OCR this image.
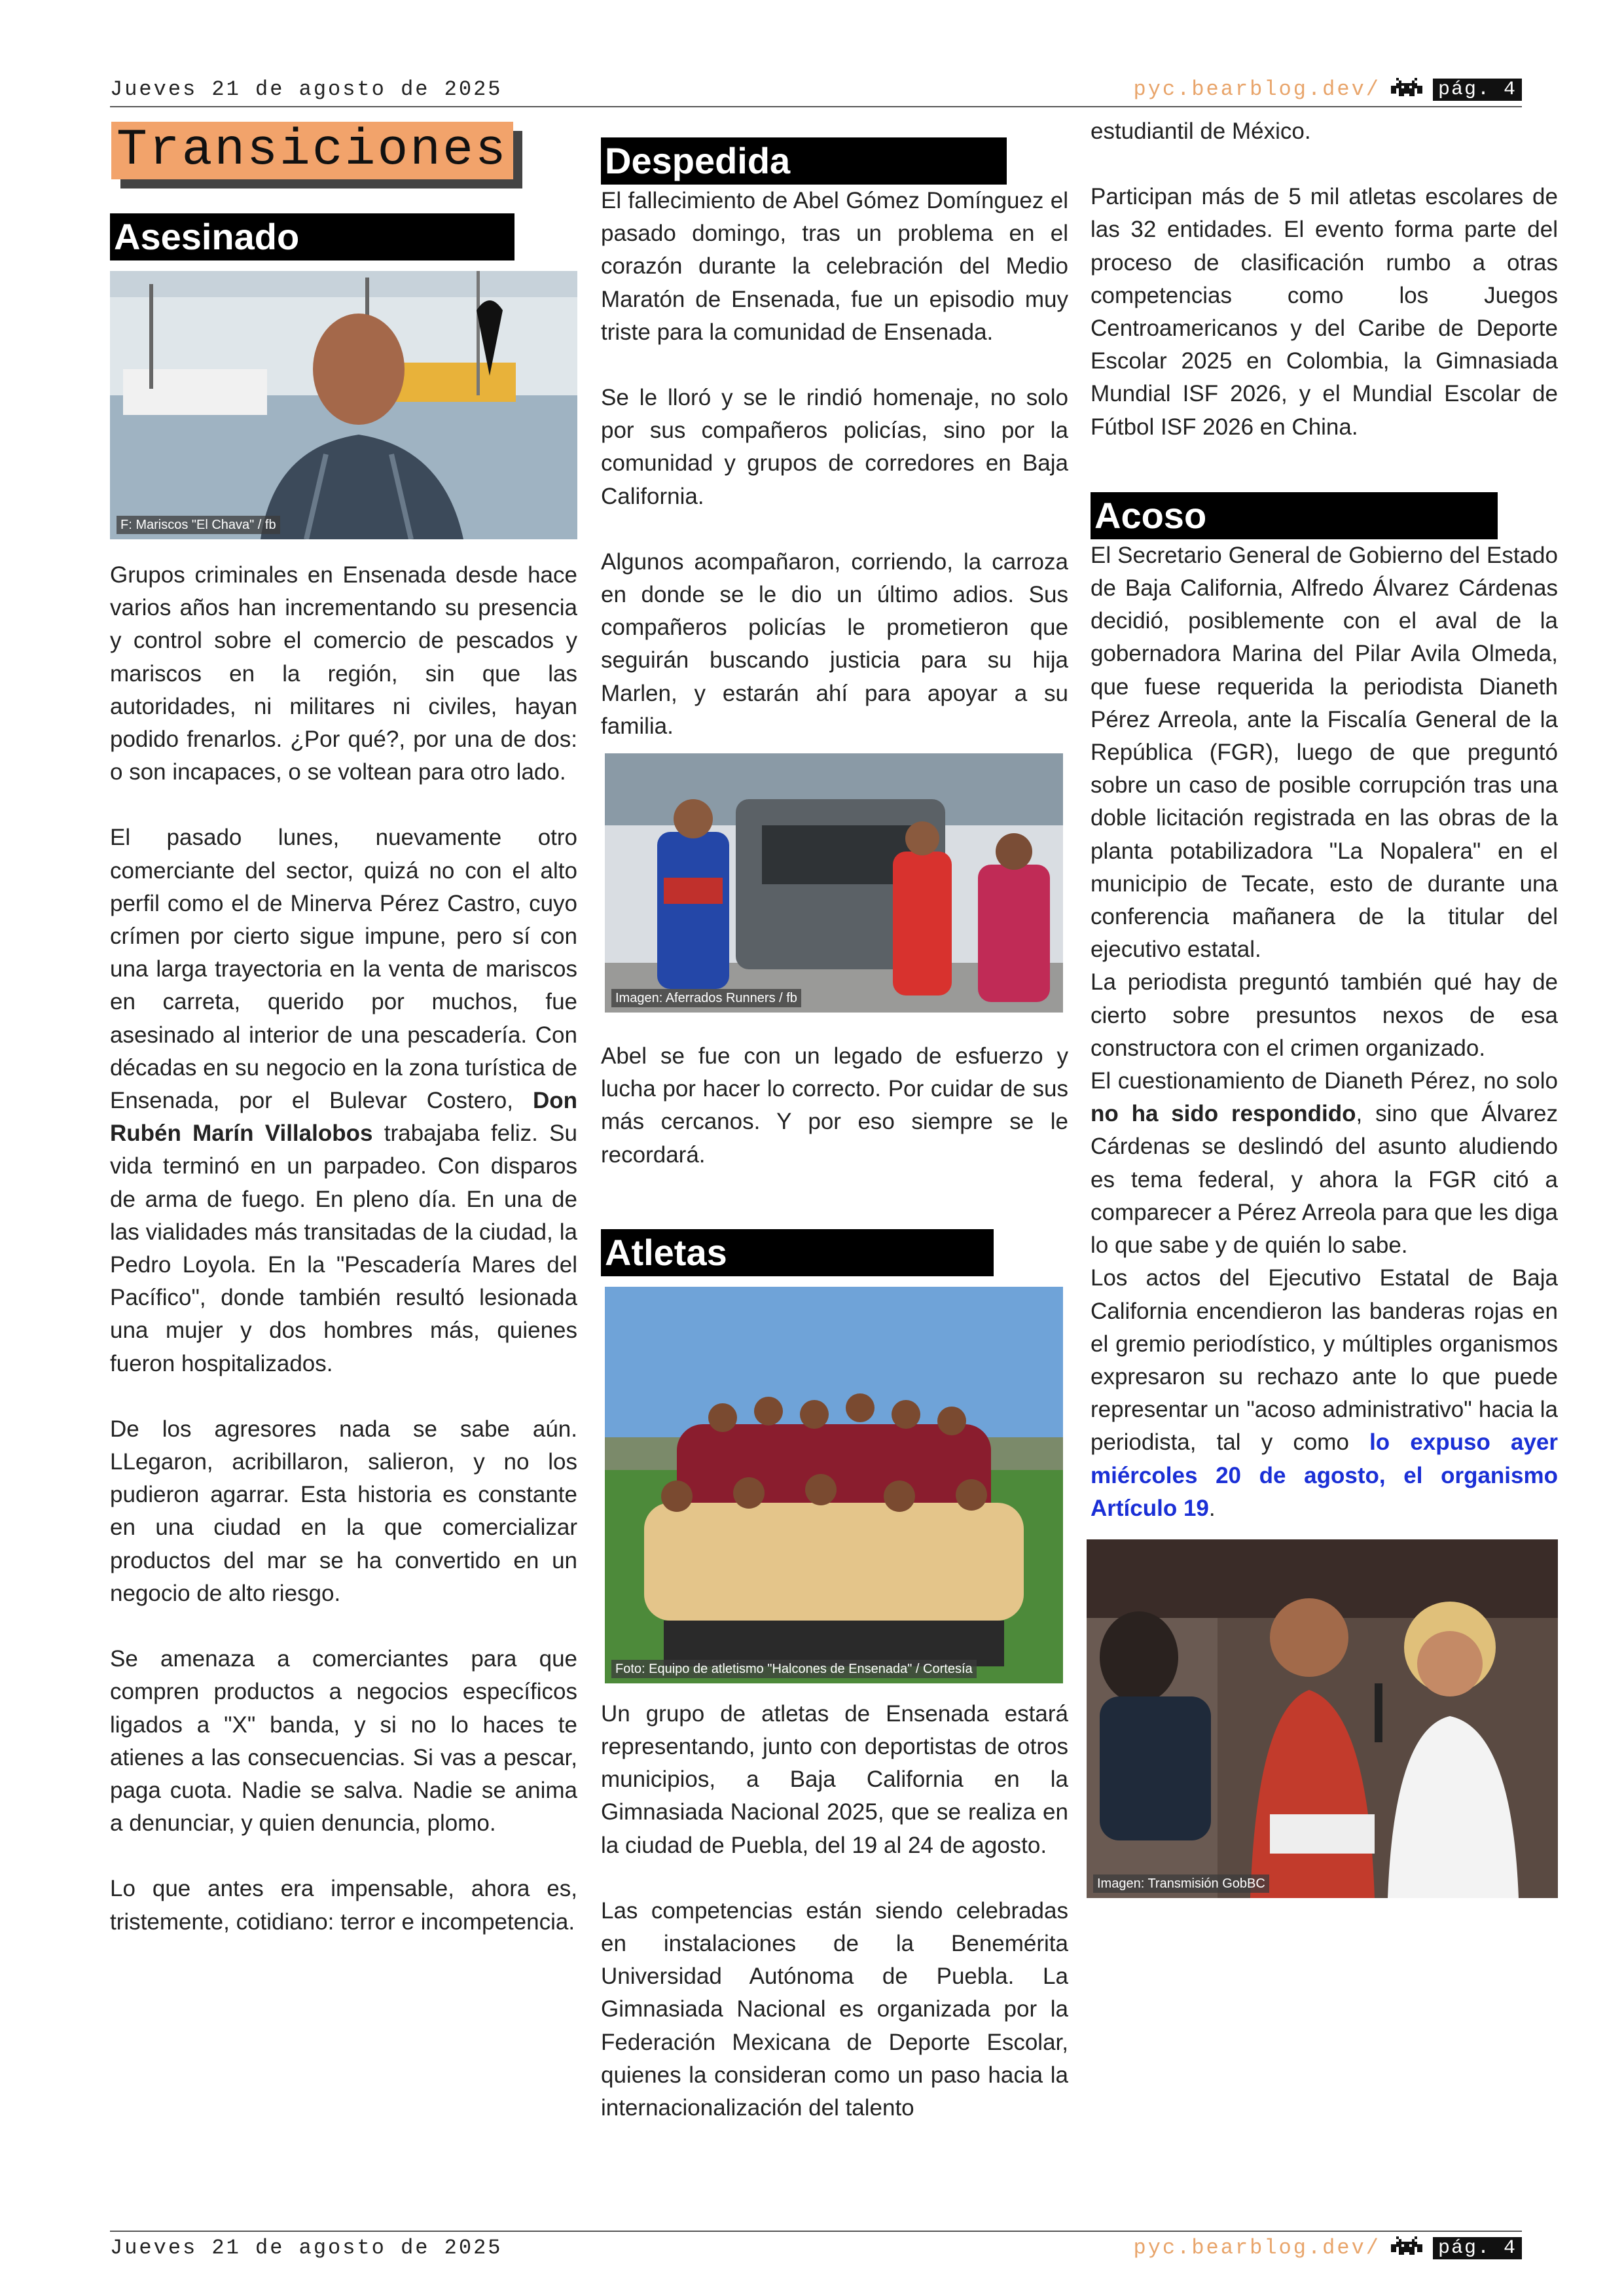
Jueves 21 de agosto de 2025	pyc.bearblog.dev/	pág. 4
Transiciones
Asesinado
F: Mariscos "El Chava" / fb

Grupos criminales en Ensenada desde hace varios años han incrementando su presencia y control sobre el comercio de pescados y mariscos en la región, sin que las autoridades, ni militares ni civiles, hayan podido frenarlos. ¿Por qué?, por una de dos: o son incapaces, o se voltean para otro lado.

El pasado lunes, nuevamente otro comerciante del sector, quizá no con el alto perfil como el de Minerva Pérez Castro, cuyo crímen por cierto sigue impune, pero sí con una larga trayectoria en la venta de mariscos en carreta, querido por muchos, fue asesinado al interior de una pescadería. Con décadas en su negocio en la zona turística de Ensenada, por el Bulevar Costero, Don Rubén Marín Villalobos trabajaba feliz. Su vida terminó en un parpadeo. Con disparos de arma de fuego. En pleno día. En una de las vialidades más transitadas de la ciudad, la Pedro Loyola. En la "Pescadería Mares del Pacífico", donde también resultó lesionada una mujer y dos hombres más, quienes fueron hospitalizados.

De los agresores nada se sabe aún. LLegaron, acribillaron, salieron, y no los pudieron agarrar. Esta historia es constante en una ciudad en la que comercializar productos del mar se ha convertido en un negocio de alto riesgo.

Se amenaza a comerciantes para que compren productos a negocios específicos ligados a "X" banda, y si no lo haces te atienes a las consecuencias. Si vas a pescar, paga cuota. Nadie se salva. Nadie se anima a denunciar, y quien denuncia, plomo.

Lo que antes era impensable, ahora es, tristemente, cotidiano: terror e incompetencia.

Despedida

El fallecimiento de Abel Gómez Domínguez el pasado domingo, tras un problema en el corazón durante la celebración del Medio Maratón de Ensenada, fue un episodio muy triste para la comunidad de Ensenada.

Se le lloró y se le rindió homenaje, no solo por sus compañeros policías, sino por la comunidad y grupos de corredores en Baja California.

Algunos acompañaron, corriendo, la carroza en donde se le dio un último adios. Sus compañeros policías le prometieron que seguirán buscando justicia para su hija Marlen, y estarán ahí para apoyar a su familia.

Imagen: Aferrados Runners / fb

Abel se fue con un legado de esfuerzo y lucha por hacer lo correcto. Por cuidar de sus más cercanos. Y por eso siempre se le recordará.

Atletas
Foto: Equipo de atletismo "Halcones de Ensenada" / Cortesía

Un grupo de atletas de Ensenada estará representando, junto con deportistas de otros municipios, a Baja California en la Gimnasiada Nacional 2025, que se realiza en la ciudad de Puebla, del 19 al 24 de agosto.

Las competencias están siendo celebradas en instalaciones de la Benemérita Universidad Autónoma de Puebla. La Gimnasiada Nacional es organizada por la Federación Mexicana de Deporte Escolar, quienes la consideran como un paso hacia la internacionalización del talento

estudiantil de México.

Participan más de 5 mil atletas escolares de las 32 entidades. El evento forma parte del proceso de clasificación rumbo a otras competencias como los Juegos Centroamericanos y del Caribe de Deporte Escolar 2025 en Colombia, la Gimnasiada Mundial ISF 2026, y el Mundial Escolar de Fútbol ISF 2026 en China.

Acoso

El Secretario General de Gobierno del Estado de Baja California, Alfredo Álvarez Cárdenas decidió, posiblemente con el aval de la gobernadora Marina del Pilar Avila Olmeda, que fuese requerida la periodista Dianeth Pérez Arreola, ante la Fiscalía General de la República (FGR), luego de que preguntó sobre un caso de posible corrupción tras una doble licitación registrada en las obras de la planta potabilizadora "La Nopalera" en el municipio de Tecate, esto de durante una conferencia mañanera de la titular del ejecutivo estatal.

La periodista preguntó también qué hay de cierto sobre presuntos nexos de esa constructora con el crimen organizado.

El cuestionamiento de Dianeth Pérez, no solo no ha sido respondido, sino que Álvarez Cárdenas se deslindó del asunto aludiendo es tema federal, y ahora la FGR citó a comparecer a Pérez Arreola para que les diga lo que sabe y de quién lo sabe.

Los actos del Ejecutivo Estatal de Baja California encendieron las banderas rojas en el gremio periodístico, y múltiples organismos expresaron su rechazo ante lo que puede representar un "acoso administrativo" hacia la periodista, tal y como lo expuso ayer miércoles 20 de agosto, el organismo Artículo 19.

Imagen: Transmisión GobBC
Jueves 21 de agosto de 2025	pyc.bearblog.dev/	pág. 4
